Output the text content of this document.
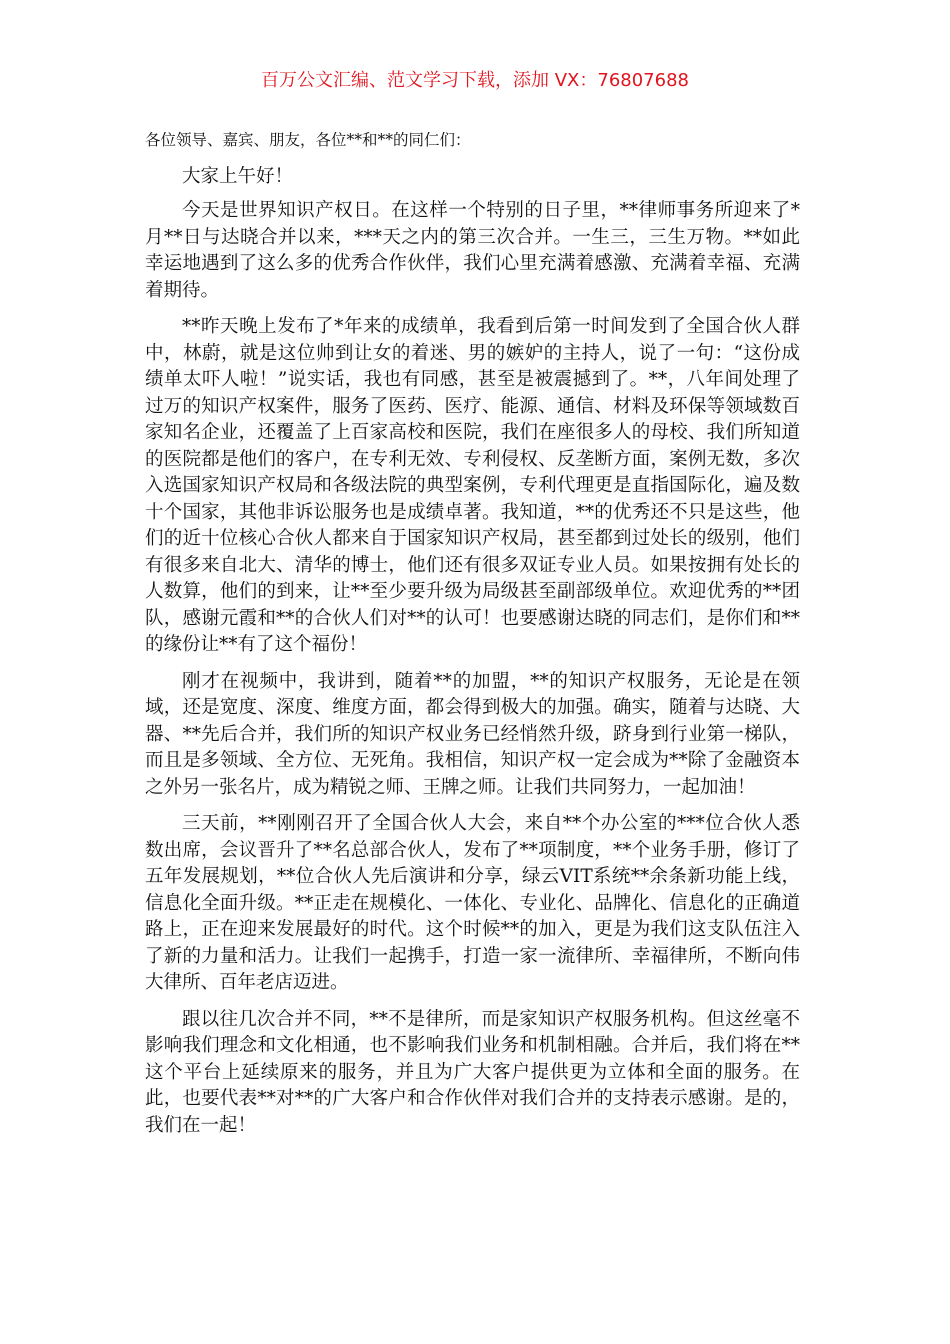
百万公文汇编、范文学习下载，添加 VX：76807688

各位领导、嘉宾、朋友，各位**和**的同仁们：

大家上午好！

今天是世界知识产权日。在这样一个特别的日子里，**律师事务所迎来了*月**日与达晓合并以来，***天之内的第三次合并。一生三，三生万物。**如此幸运地遇到了这么多的优秀合作伙伴，我们心里充满着感激、充满着幸福、充满着期待。

**昨天晚上发布了*年来的成绩单，我看到后第一时间发到了全国合伙人群中，林蔚，就是这位帅到让女的着迷、男的嫉妒的主持人，说了一句：“这份成绩单太吓人啦！”说实话，我也有同感，甚至是被震撼到了。**，八年间处理了过万的知识产权案件，服务了医药、医疗、能源、通信、材料及环保等领域数百家知名企业，还覆盖了上百家高校和医院，我们在座很多人的母校、我们所知道的医院都是他们的客户，在专利无效、专利侵权、反垄断方面，案例无数，多次入选国家知识产权局和各级法院的典型案例，专利代理更是直指国际化，遍及数十个国家，其他非诉讼服务也是成绩卓著。我知道，**的优秀还不只是这些，他们的近十位核心合伙人都来自于国家知识产权局，甚至都到过处长的级别，他们有很多来自北大、清华的博士，他们还有很多双证专业人员。如果按拥有处长的人数算，他们的到来，让**至少要升级为局级甚至副部级单位。欢迎优秀的**团队，感谢元霞和**的合伙人们对**的认可！也要感谢达晓的同志们，是你们和**的缘份让**有了这个福份！

刚才在视频中，我讲到，随着**的加盟，**的知识产权服务，无论是在领域，还是宽度、深度、维度方面，都会得到极大的加强。确实，随着与达晓、大器、**先后合并，我们所的知识产权业务已经悄然升级，跻身到行业第一梯队，而且是多领域、全方位、无死角。我相信，知识产权一定会成为**除了金融资本之外另一张名片，成为精锐之师、王牌之师。让我们共同努力，一起加油！

三天前，**刚刚召开了全国合伙人大会，来自**个办公室的***位合伙人悉数出席，会议晋升了**名总部合伙人，发布了**项制度，**个业务手册，修订了五年发展规划，**位合伙人先后演讲和分享，绿云VIT系统**余条新功能上线，信息化全面升级。**正走在规模化、一体化、专业化、品牌化、信息化的正确道路上，正在迎来发展最好的时代。这个时候**的加入，更是为我们这支队伍注入了新的力量和活力。让我们一起携手，打造一家一流律所、幸福律所，不断向伟大律所、百年老店迈进。

跟以往几次合并不同，**不是律所，而是家知识产权服务机构。但这丝毫不影响我们理念和文化相通，也不影响我们业务和机制相融。合并后，我们将在**这个平台上延续原来的服务，并且为广大客户提供更为立体和全面的服务。在此，也要代表**对**的广大客户和合作伙伴对我们合并的支持表示感谢。是的，我们在一起！
